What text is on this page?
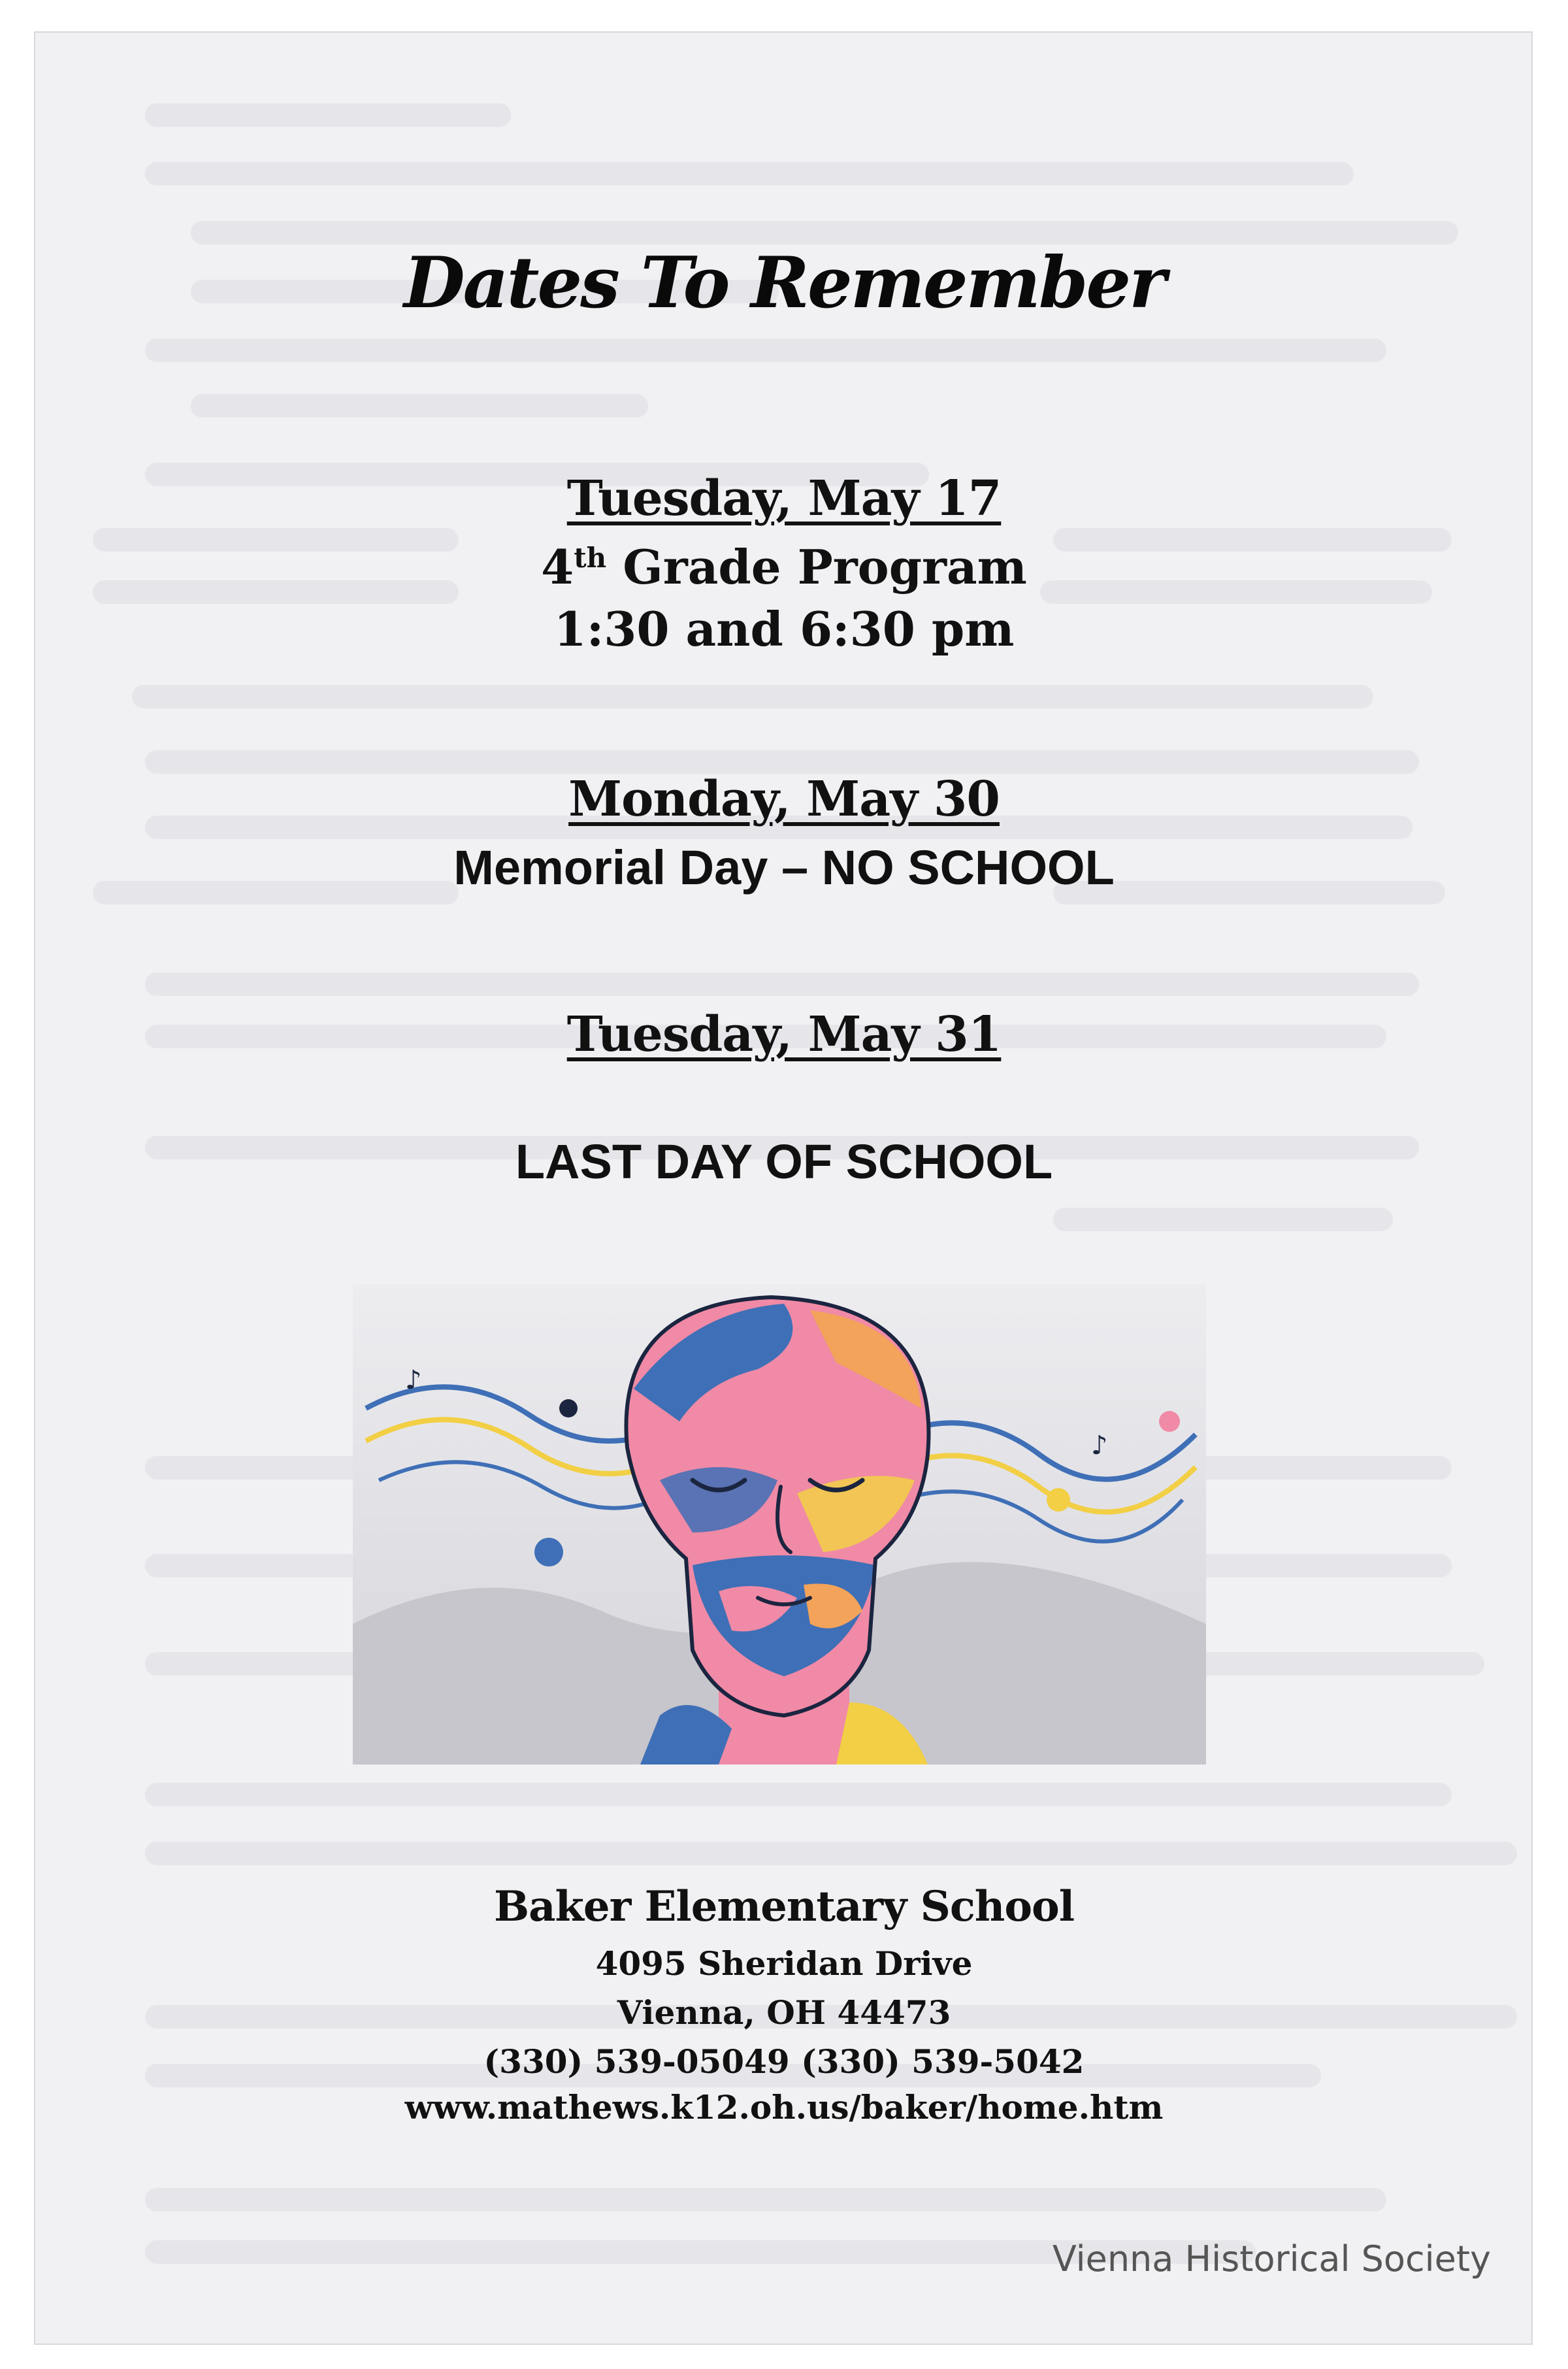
Dates To Remember
Tuesday, May 17
4th Grade Program
1:30 and 6:30 pm
Monday, May 30
Memorial Day – NO SCHOOL
Tuesday, May 31
LAST DAY OF SCHOOL
♪
♪
Baker Elementary School
4095 Sheridan Drive
Vienna, OH 44473
(330) 539-05049 (330) 539-5042
www.mathews.k12.oh.us/baker/home.htm
Vienna Historical Society
